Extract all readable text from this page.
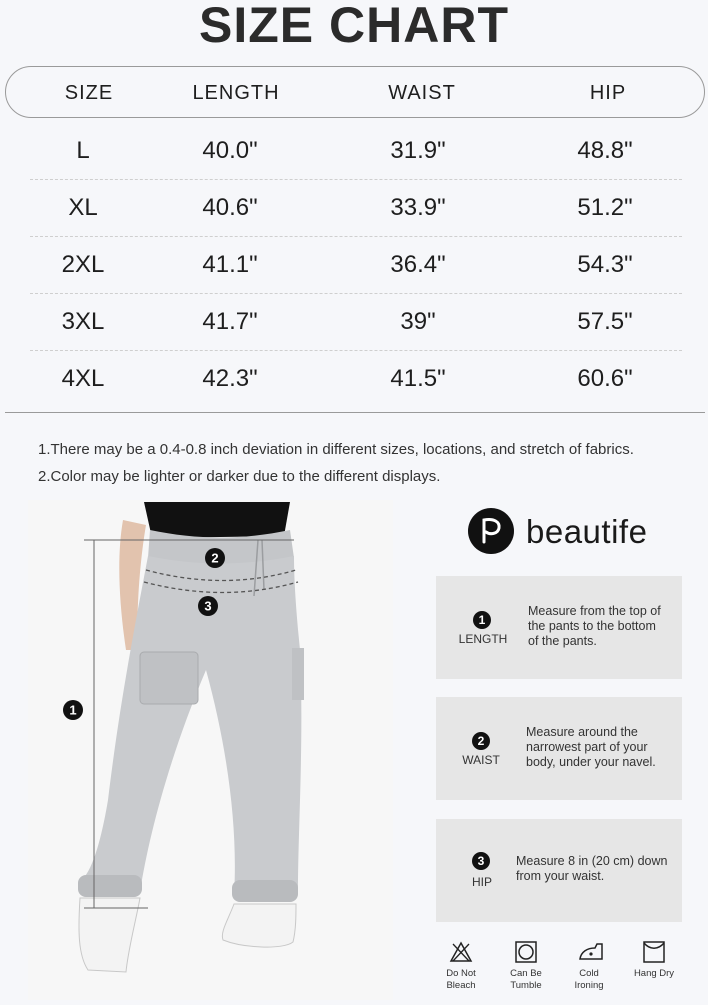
SIZE CHART
SIZE	LENGTH	WAIST	HIP
L	40.0"	31.9"	48.8"
XL	40.6"	33.9"	51.2"
2XL	41.1"	36.4"	54.3"
3XL	41.7"	39"	57.5"
4XL	42.3"	41.5"	60.6"
1.There may be a 0.4-0.8 inch deviation in different sizes, locations, and stretch of fabrics.
2.Color may be lighter or darker due to the different displays.
2
3
1
beautife
1
LENGTH
Measure from the top of
the pants to the bottom
of the pants.
2
WAIST
Measure around the
narrowest part of your
body, under your navel.
3
HIP
Measure 8 in (20 cm) down
from your waist.
Do Not
Bleach
Can Be
Tumble
Cold
Ironing
Hang Dry
